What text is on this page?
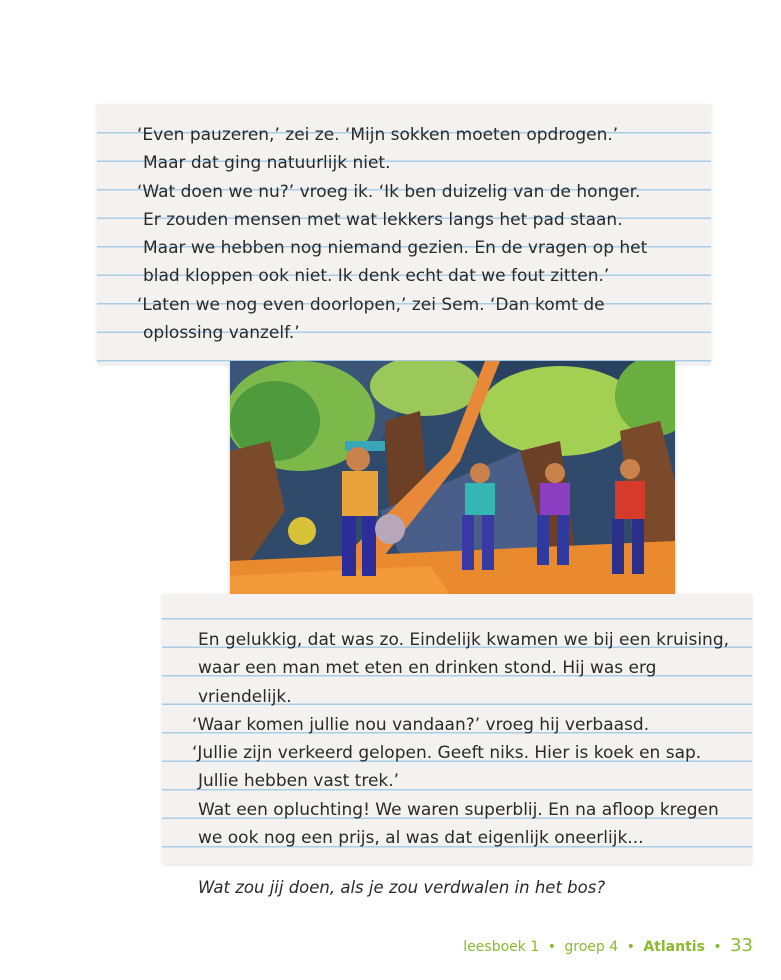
‘Even pauzeren,’ zei ze. ‘Mijn sokken moeten opdrogen.’
Maar dat ging natuurlijk niet.
‘Wat doen we nu?’ vroeg ik. ‘Ik ben duizelig van de honger.
Er zouden mensen met wat lekkers langs het pad staan.
Maar we hebben nog niemand gezien. En de vragen op het
blad kloppen ook niet. Ik denk echt dat we fout zitten.’
‘Laten we nog even doorlopen,’ zei Sem. ‘Dan komt de
oplossing vanzelf.’
En gelukkig, dat was zo. Eindelijk kwamen we bij een kruising,
waar een man met eten en drinken stond. Hij was erg
vriendelijk.
‘Waar komen jullie nou vandaan?’ vroeg hij verbaasd.
‘Jullie zijn verkeerd gelopen. Geeft niks. Hier is koek en sap.
Jullie hebben vast trek.’
Wat een opluchting! We waren superblij. En na afloop kregen
we ook nog een prijs, al was dat eigenlijk oneerlijk...
Wat zou jij doen, als je zou verdwalen in het bos?
leesboek 1 • groep 4 • Atlantis • 33
